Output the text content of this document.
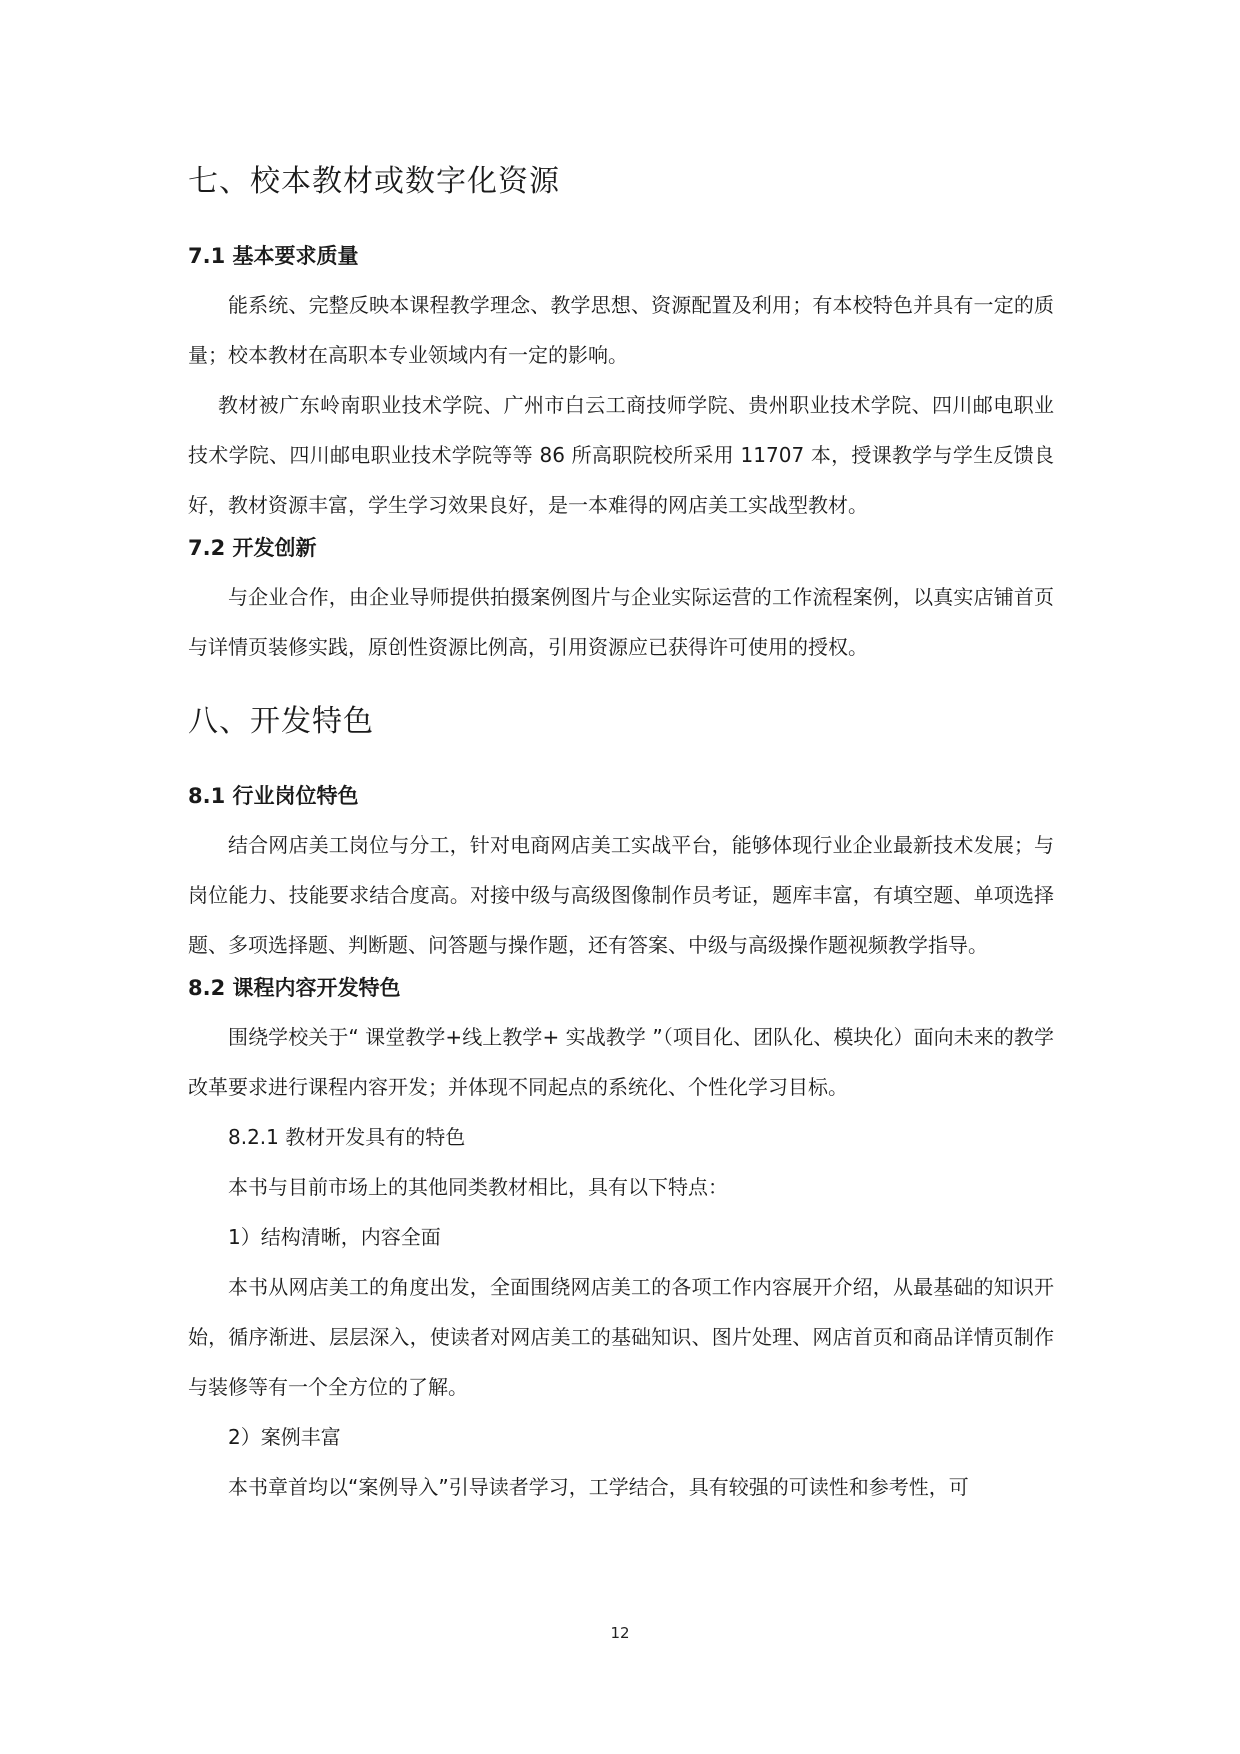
七、校本教材或数字化资源
7.1 基本要求质量

能系统、完整反映本课程教学理念、教学思想、资源配置及利用；有本校特色并具有一定的质量；校本教材在高职本专业领域内有一定的影响。

教材被广东岭南职业技术学院、广州市白云工商技师学院、贵州职业技术学院、四川邮电职业技术学院、四川邮电职业技术学院等等 86 所高职院校所采用 11707 本，授课教学与学生反馈良好，教材资源丰富，学生学习效果良好，是一本难得的网店美工实战型教材。

7.2 开发创新

与企业合作，由企业导师提供拍摄案例图片与企业实际运营的工作流程案例，以真实店铺首页与详情页装修实践，原创性资源比例高，引用资源应已获得许可使用的授权。

八、开发特色
8.1 行业岗位特色

结合网店美工岗位与分工，针对电商网店美工实战平台，能够体现行业企业最新技术发展；与岗位能力、技能要求结合度高。对接中级与高级图像制作员考证，题库丰富，有填空题、单项选择题、多项选择题、判断题、问答题与操作题，还有答案、中级与高级操作题视频教学指导。

8.2 课程内容开发特色

围绕学校关于“ 课堂教学+线上教学+ 实战教学 ”（项目化、团队化、模块化）面向未来的教学改革要求进行课程内容开发；并体现不同起点的系统化、个性化学习目标。

8.2.1 教材开发具有的特色

本书与目前市场上的其他同类教材相比，具有以下特点：

1）结构清晰，内容全面

本书从网店美工的角度出发，全面围绕网店美工的各项工作内容展开介绍，从最基础的知识开始，循序渐进、层层深入，使读者对网店美工的基础知识、图片处理、网店首页和商品详情页制作与装修等有一个全方位的了解。

2）案例丰富

本书章首均以“案例导入”引导读者学习，工学结合，具有较强的可读性和参考性，可

12
